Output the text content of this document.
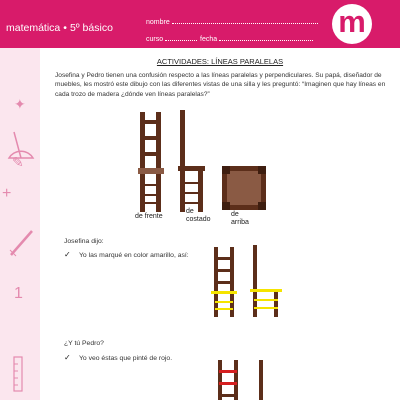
✦
✎
+
1
matemática • 5º básico	nombre
curso	fecha
m
ACTIVIDADES: LÍNEAS PARALELAS
Josefina y Pedro tienen una confusión respecto a las líneas paralelas y perpendiculares. Su papá, diseñador de muebles, les mostró este dibujo con las diferentes vistas de una silla y les preguntó: “Imaginen que hay líneas en cada trozo de madera ¿dónde ven líneas paralelas?”
de frente
de
costado
de
arriba
Josefina dijo:
✓ Yo las marqué en color amarillo, así:
¿Y tú Pedro?
✓ Yo veo éstas que pinté de rojo.
